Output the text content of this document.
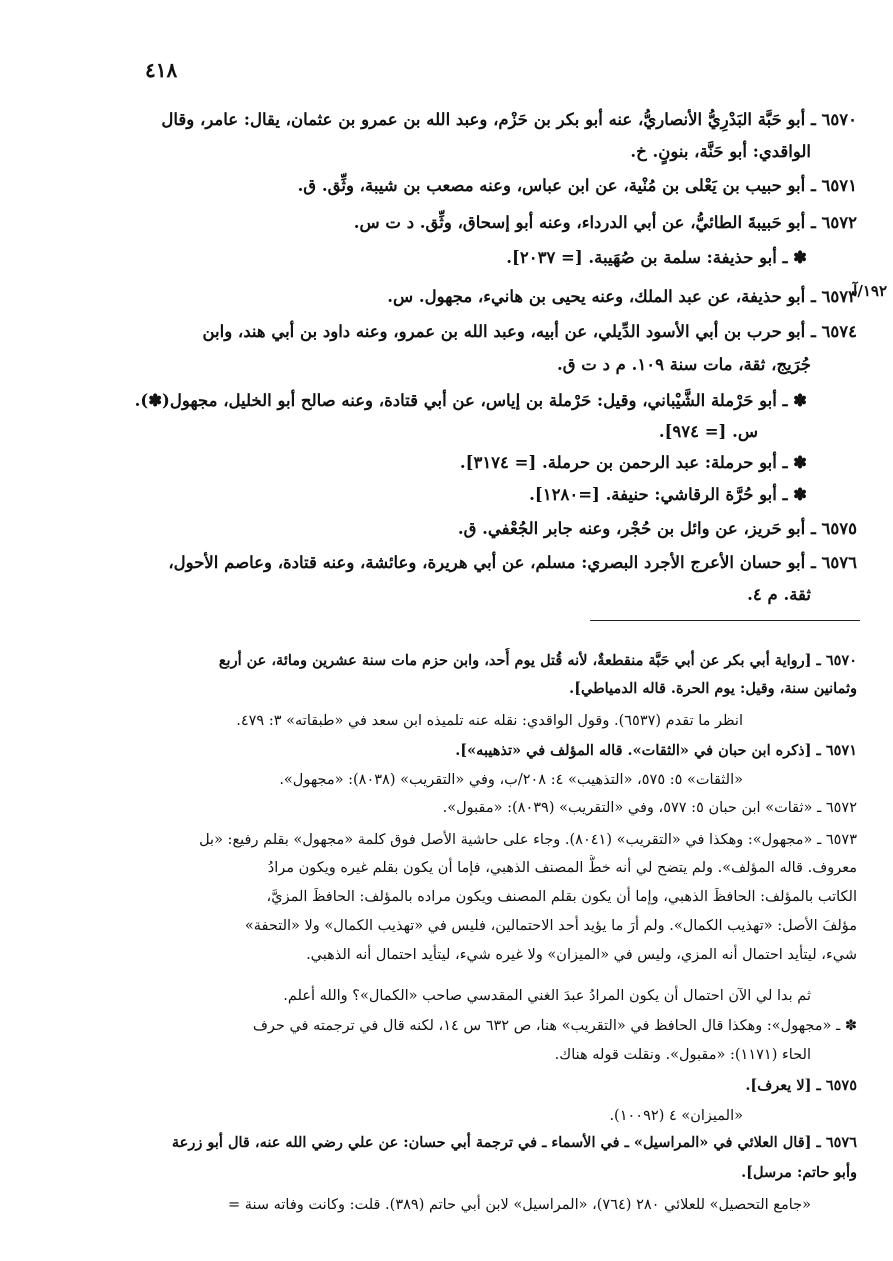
٤١٨
١٩٢/آ
٦٥٧٠ ـ أبو حَبَّة البَدْرِيُّ الأنصاريُّ، عنه أبو بكر بن حَزْم، وعبد الله بن عمرو بن عثمان، يقال: عامر، وقال
الواقدي: أبو حَنَّة، بنونٍ. خ.
٦٥٧١ ـ أبو حبيب بن يَعْلى بن مُنْية، عن ابن عباس، وعنه مصعب بن شيبة، وثِّق. ق.
٦٥٧٢ ـ أبو حَبيبةَ الطائيُّ، عن أبي الدرداء، وعنه أبو إسحاق، وثِّق. د ت س.
✽ ـ أبو حذيفة: سلمة بن صُهَيبة. [= ٢٠٣٧].
٦٥٧٣ ـ أبو حذيفة، عن عبد الملك، وعنه يحيى بن هانيء، مجهول. س.
٦٥٧٤ ـ أبو حرب بن أبي الأسود الدِّيلي، عن أبيه، وعبد الله بن عمرو، وعنه داود بن أبي هند، وابن
جُرَيج، ثقة، مات سنة ١٠٩. م د ت ق.
✽ ـ أبو حَرْملة الشَّيْباني، وقيل: حَرْملة بن إياس، عن أبي قتادة، وعنه صالح أبو الخليل، مجهول(✽).
س. [= ٩٧٤].
✽ ـ أبو حرملة: عبد الرحمن بن حرملة. [= ٣١٧٤].
✽ ـ أبو حُرَّة الرقاشي: حنيفة. [=١٢٨٠].
٦٥٧٥ ـ أبو حَريز، عن وائل بن حُجْر، وعنه جابر الجُعْفي. ق.
٦٥٧٦ ـ أبو حسان الأعرج الأجرد البصري: مسلم، عن أبي هريرة، وعائشة، وعنه قتادة، وعاصم الأحول،
ثقة. م ٤.
٦٥٧٠ ـ [رواية أبي بكر عن أبي حَبَّة منقطعةٌ، لأنه قُتل يوم أُحد، وابن حزم مات سنة عشرين ومائة، عن أربع
وثمانين سنة، وقيل: يوم الحرة. قاله الدمياطي].
انظر ما تقدم (٦٥٣٧). وقول الواقدي: نقله عنه تلميذه ابن سعد في «طبقاته» ٣: ٤٧٩.
٦٥٧١ ـ [ذكره ابن حبان في «الثقات». قاله المؤلف في «تذهيبه»].
«الثقات» ٥: ٥٧٥، «التذهيب» ٤: ٢٠٨/ب، وفي «التقريب» (٨٠٣٨): «مجهول».
٦٥٧٢ ـ «ثقات» ابن حبان ٥: ٥٧٧، وفي «التقريب» (٨٠٣٩): «مقبول».
٦٥٧٣ ـ «مجهول»: وهكذا في «التقريب» (٨٠٤١). وجاء على حاشية الأصل فوق كلمة «مجهول» بقلم رفيع: «بل
معروف. قاله المؤلف». ولم يتضح لي أنه خطُّ المصنف الذهبي، فإما أن يكون بقلم غيره ويكون مرادُ
الكاتب بالمؤلف: الحافظَ الذهبي، وإما أن يكون بقلم المصنف ويكون مراده بالمؤلف: الحافظَ المزيَّ،
مؤلفَ الأصل: «تهذيب الكمال». ولم أرَ ما يؤيد أحد الاحتمالين، فليس في «تهذيب الكمال» ولا «التحفة»
شيء، ليتأيد احتمال أنه المزي، وليس في «الميزان» ولا غيره شيء، ليتأيد احتمال أنه الذهبي.
ثم بدا لي الآن احتمال أن يكون المرادُ عبدَ الغني المقدسي صاحب «الكمال»؟ والله أعلم.
✽ ـ «مجهول»: وهكذا قال الحافظ في «التقريب» هنا، ص ٦٣٢ س ١٤، لكنه قال في ترجمته في حرف
الحاء (١١٧١): «مقبول». ونقلت قوله هناك.
٦٥٧٥ ـ [لا يعرف].
«الميزان» ٤ (١٠٠٩٢).
٦٥٧٦ ـ [قال العلائي في «المراسيل» ـ في الأسماء ـ في ترجمة أبي حسان: عن علي رضي الله عنه، قال أبو زرعة
وأبو حاتم: مرسل].
«جامع التحصيل» للعلائي ٢٨٠ (٧٦٤)، «المراسيل» لابن أبي حاتم (٣٨٩). قلت: وكانت وفاته سنة =
